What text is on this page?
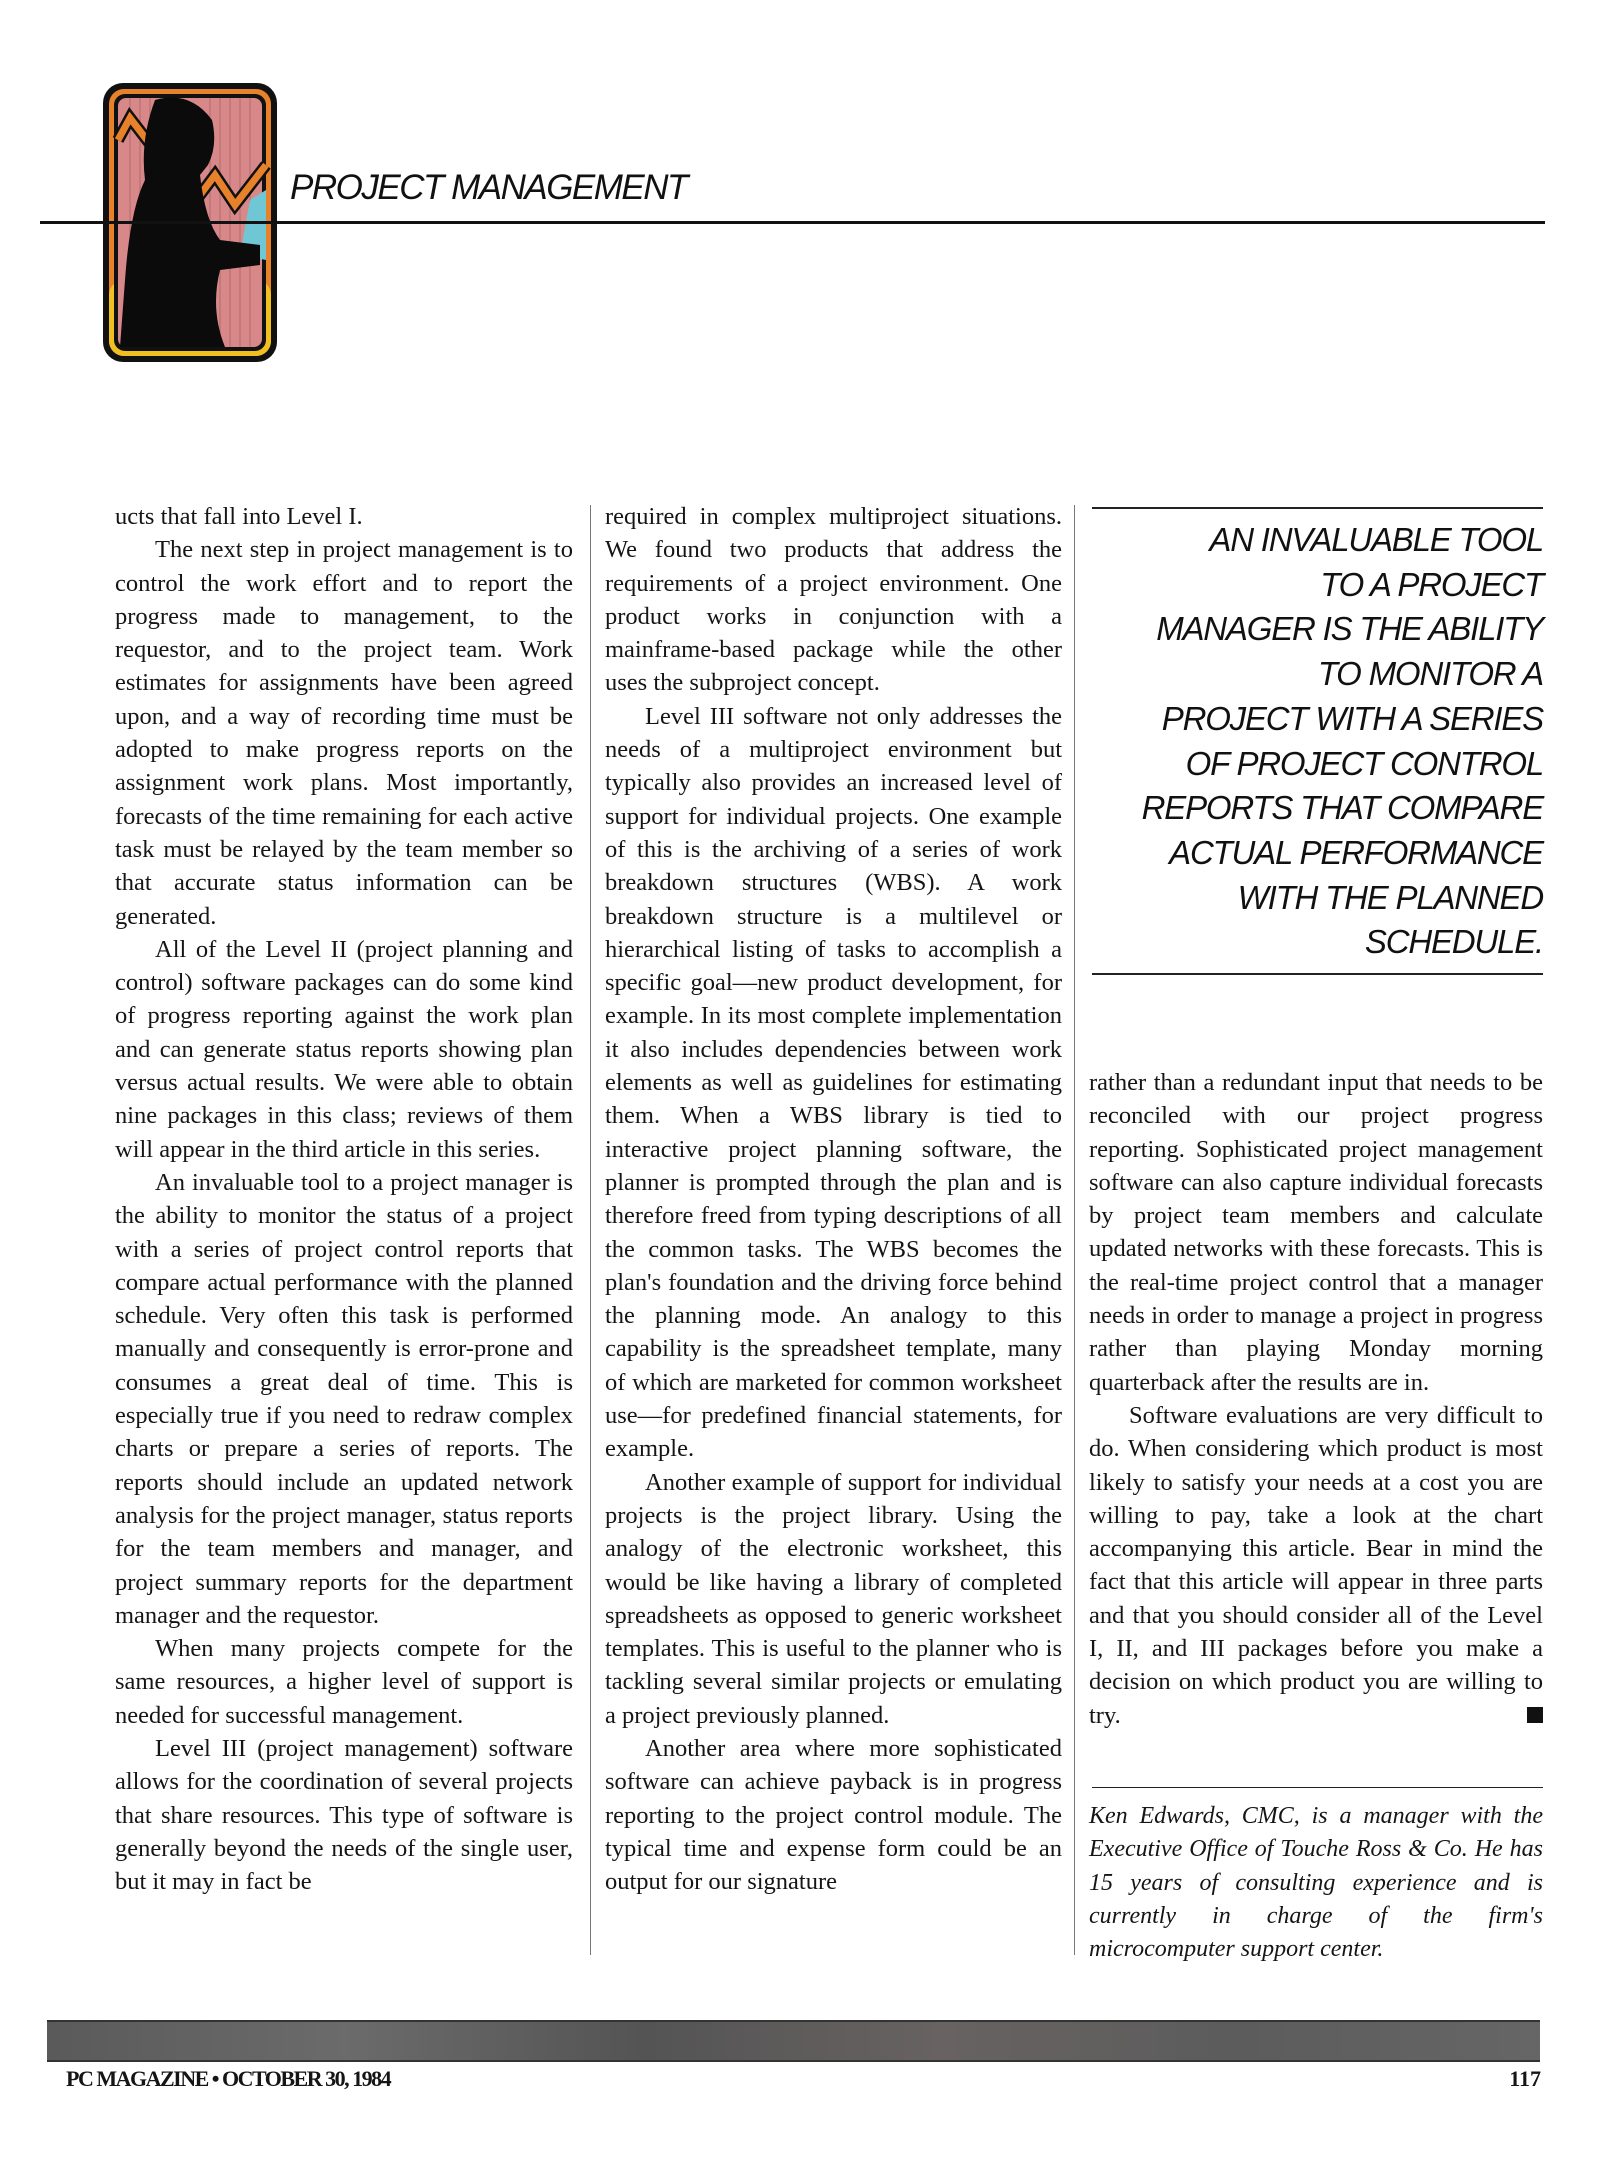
PROJECT MANAGEMENT

ucts that fall into Level I.

The next step in project management is to control the work effort and to report the progress made to management, to the requestor, and to the project team. Work estimates for assignments have been agreed upon, and a way of recording time must be adopted to make progress reports on the assignment work plans. Most importantly, forecasts of the time remaining for each active task must be relayed by the team member so that accurate status information can be generated.

All of the Level II (project planning and control) software packages can do some kind of progress reporting against the work plan and can generate status reports showing plan versus actual results. We were able to obtain nine packages in this class; reviews of them will appear in the third article in this series.

An invaluable tool to a project manager is the ability to monitor the status of a project with a series of project control reports that compare actual performance with the planned schedule. Very often this task is performed manually and consequently is error-prone and consumes a great deal of time. This is especially true if you need to redraw complex charts or prepare a series of reports. The reports should include an updated network analysis for the project manager, status reports for the team members and manager, and project summary reports for the department manager and the requestor.

When many projects compete for the same resources, a higher level of support is needed for successful management.

Level III (project management) software allows for the coordination of several projects that share resources. This type of software is generally beyond the needs of the single user, but it may in fact be

required in complex multiproject situations. We found two products that address the requirements of a project environment. One product works in conjunction with a mainframe-based package while the other uses the subproject concept.

Level III software not only addresses the needs of a multiproject environment but typically also provides an increased level of support for individual projects. One example of this is the archiving of a series of work breakdown structures (WBS). A work breakdown structure is a multilevel or hierarchical listing of tasks to accomplish a specific goal—new product development, for example. In its most complete implementation it also includes dependencies between work elements as well as guidelines for estimating them. When a WBS library is tied to interactive project planning software, the planner is prompted through the plan and is therefore freed from typing descriptions of all the common tasks. The WBS becomes the plan's foundation and the driving force behind the planning mode. An analogy to this capability is the spreadsheet template, many of which are marketed for common worksheet use—for predefined financial statements, for example.

Another example of support for individual projects is the project library. Using the analogy of the electronic worksheet, this would be like having a library of completed spreadsheets as opposed to generic worksheet templates. This is useful to the planner who is tackling several similar projects or emulating a project previously planned.

Another area where more sophisticated software can achieve payback is in progress reporting to the project control module. The typical time and expense form could be an output for our signature

AN INVALUABLE TOOL
TO A PROJECT
MANAGER IS THE ABILITY
TO MONITOR A
PROJECT WITH A SERIES
OF PROJECT CONTROL
REPORTS THAT COMPARE
ACTUAL PERFORMANCE
WITH THE PLANNED
SCHEDULE.

rather than a redundant input that needs to be reconciled with our project progress reporting. Sophisticated project management software can also capture individual forecasts by project team members and calculate updated networks with these forecasts. This is the real-time project control that a manager needs in order to manage a project in progress rather than playing Monday morning quarterback after the results are in.

Software evaluations are very difficult to do. When considering which product is most likely to satisfy your needs at a cost you are willing to pay, take a look at the chart accompanying this article. Bear in mind the fact that this article will appear in three parts and that you should consider all of the Level I, II, and III packages before you make a decision on which product you are willing to try.

Ken Edwards, CMC, is a manager with the Executive Office of Touche Ross & Co. He has 15 years of consulting experience and is currently in charge of the firm's microcomputer support center.
PC MAGAZINE • OCTOBER 30, 1984	117
